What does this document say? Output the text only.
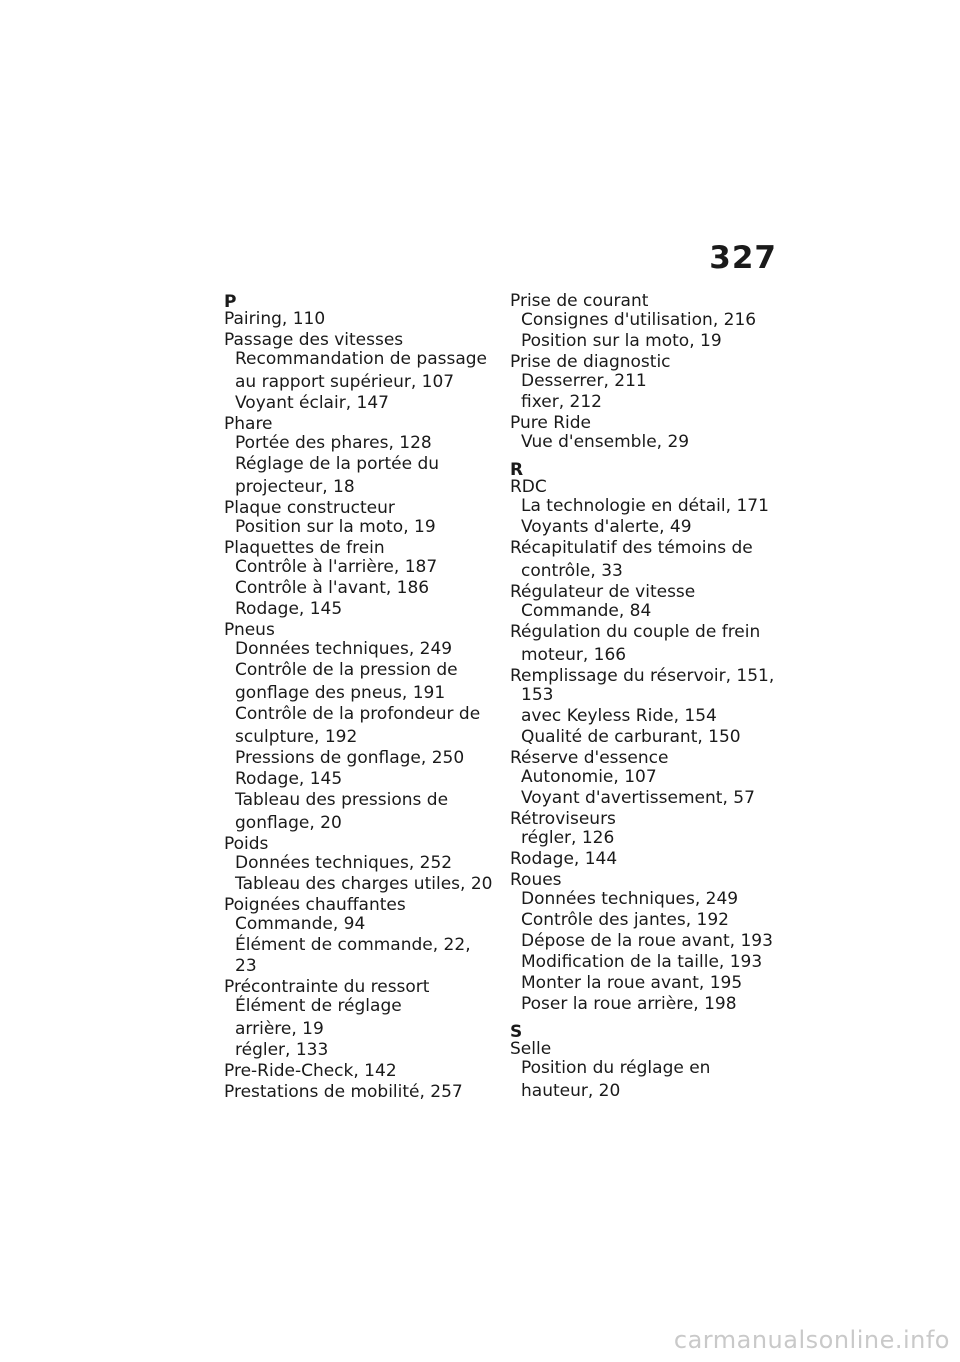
327
P
Pairing, 110
Passage des vitesses
Recommandation de passage
au rapport supérieur, 107
Voyant éclair, 147
Phare
Portée des phares, 128
Réglage de la portée du
projecteur, 18
Plaque constructeur
Position sur la moto, 19
Plaquettes de frein
Contrôle à l'arrière, 187
Contrôle à l'avant, 186
Rodage, 145
Pneus
Données techniques, 249
Contrôle de la pression de
gonflage des pneus, 191
Contrôle de la profondeur de
sculpture, 192
Pressions de gonflage, 250
Rodage, 145
Tableau des pressions de
gonflage, 20
Poids
Données techniques, 252
Tableau des charges utiles, 20
Poignées chauffantes
Commande, 94
Élément de commande, 22,
23
Précontrainte du ressort
Élément de réglage
arrière, 19
régler, 133
Pre-Ride-Check, 142
Prestations de mobilité, 257
Prise de courant
Consignes d'utilisation, 216
Position sur la moto, 19
Prise de diagnostic
Desserrer, 211
fixer, 212
Pure Ride
Vue d'ensemble, 29
R
RDC
La technologie en détail, 171
Voyants d'alerte, 49
Récapitulatif des témoins de
contrôle, 33
Régulateur de vitesse
Commande, 84
Régulation du couple de frein
moteur, 166
Remplissage du réservoir, 151,
153
avec Keyless Ride, 154
Qualité de carburant, 150
Réserve d'essence
Autonomie, 107
Voyant d'avertissement, 57
Rétroviseurs
régler, 126
Rodage, 144
Roues
Données techniques, 249
Contrôle des jantes, 192
Dépose de la roue avant, 193
Modification de la taille, 193
Monter la roue avant, 195
Poser la roue arrière, 198
S
Selle
Position du réglage en
hauteur, 20
carmanualsonline.info
